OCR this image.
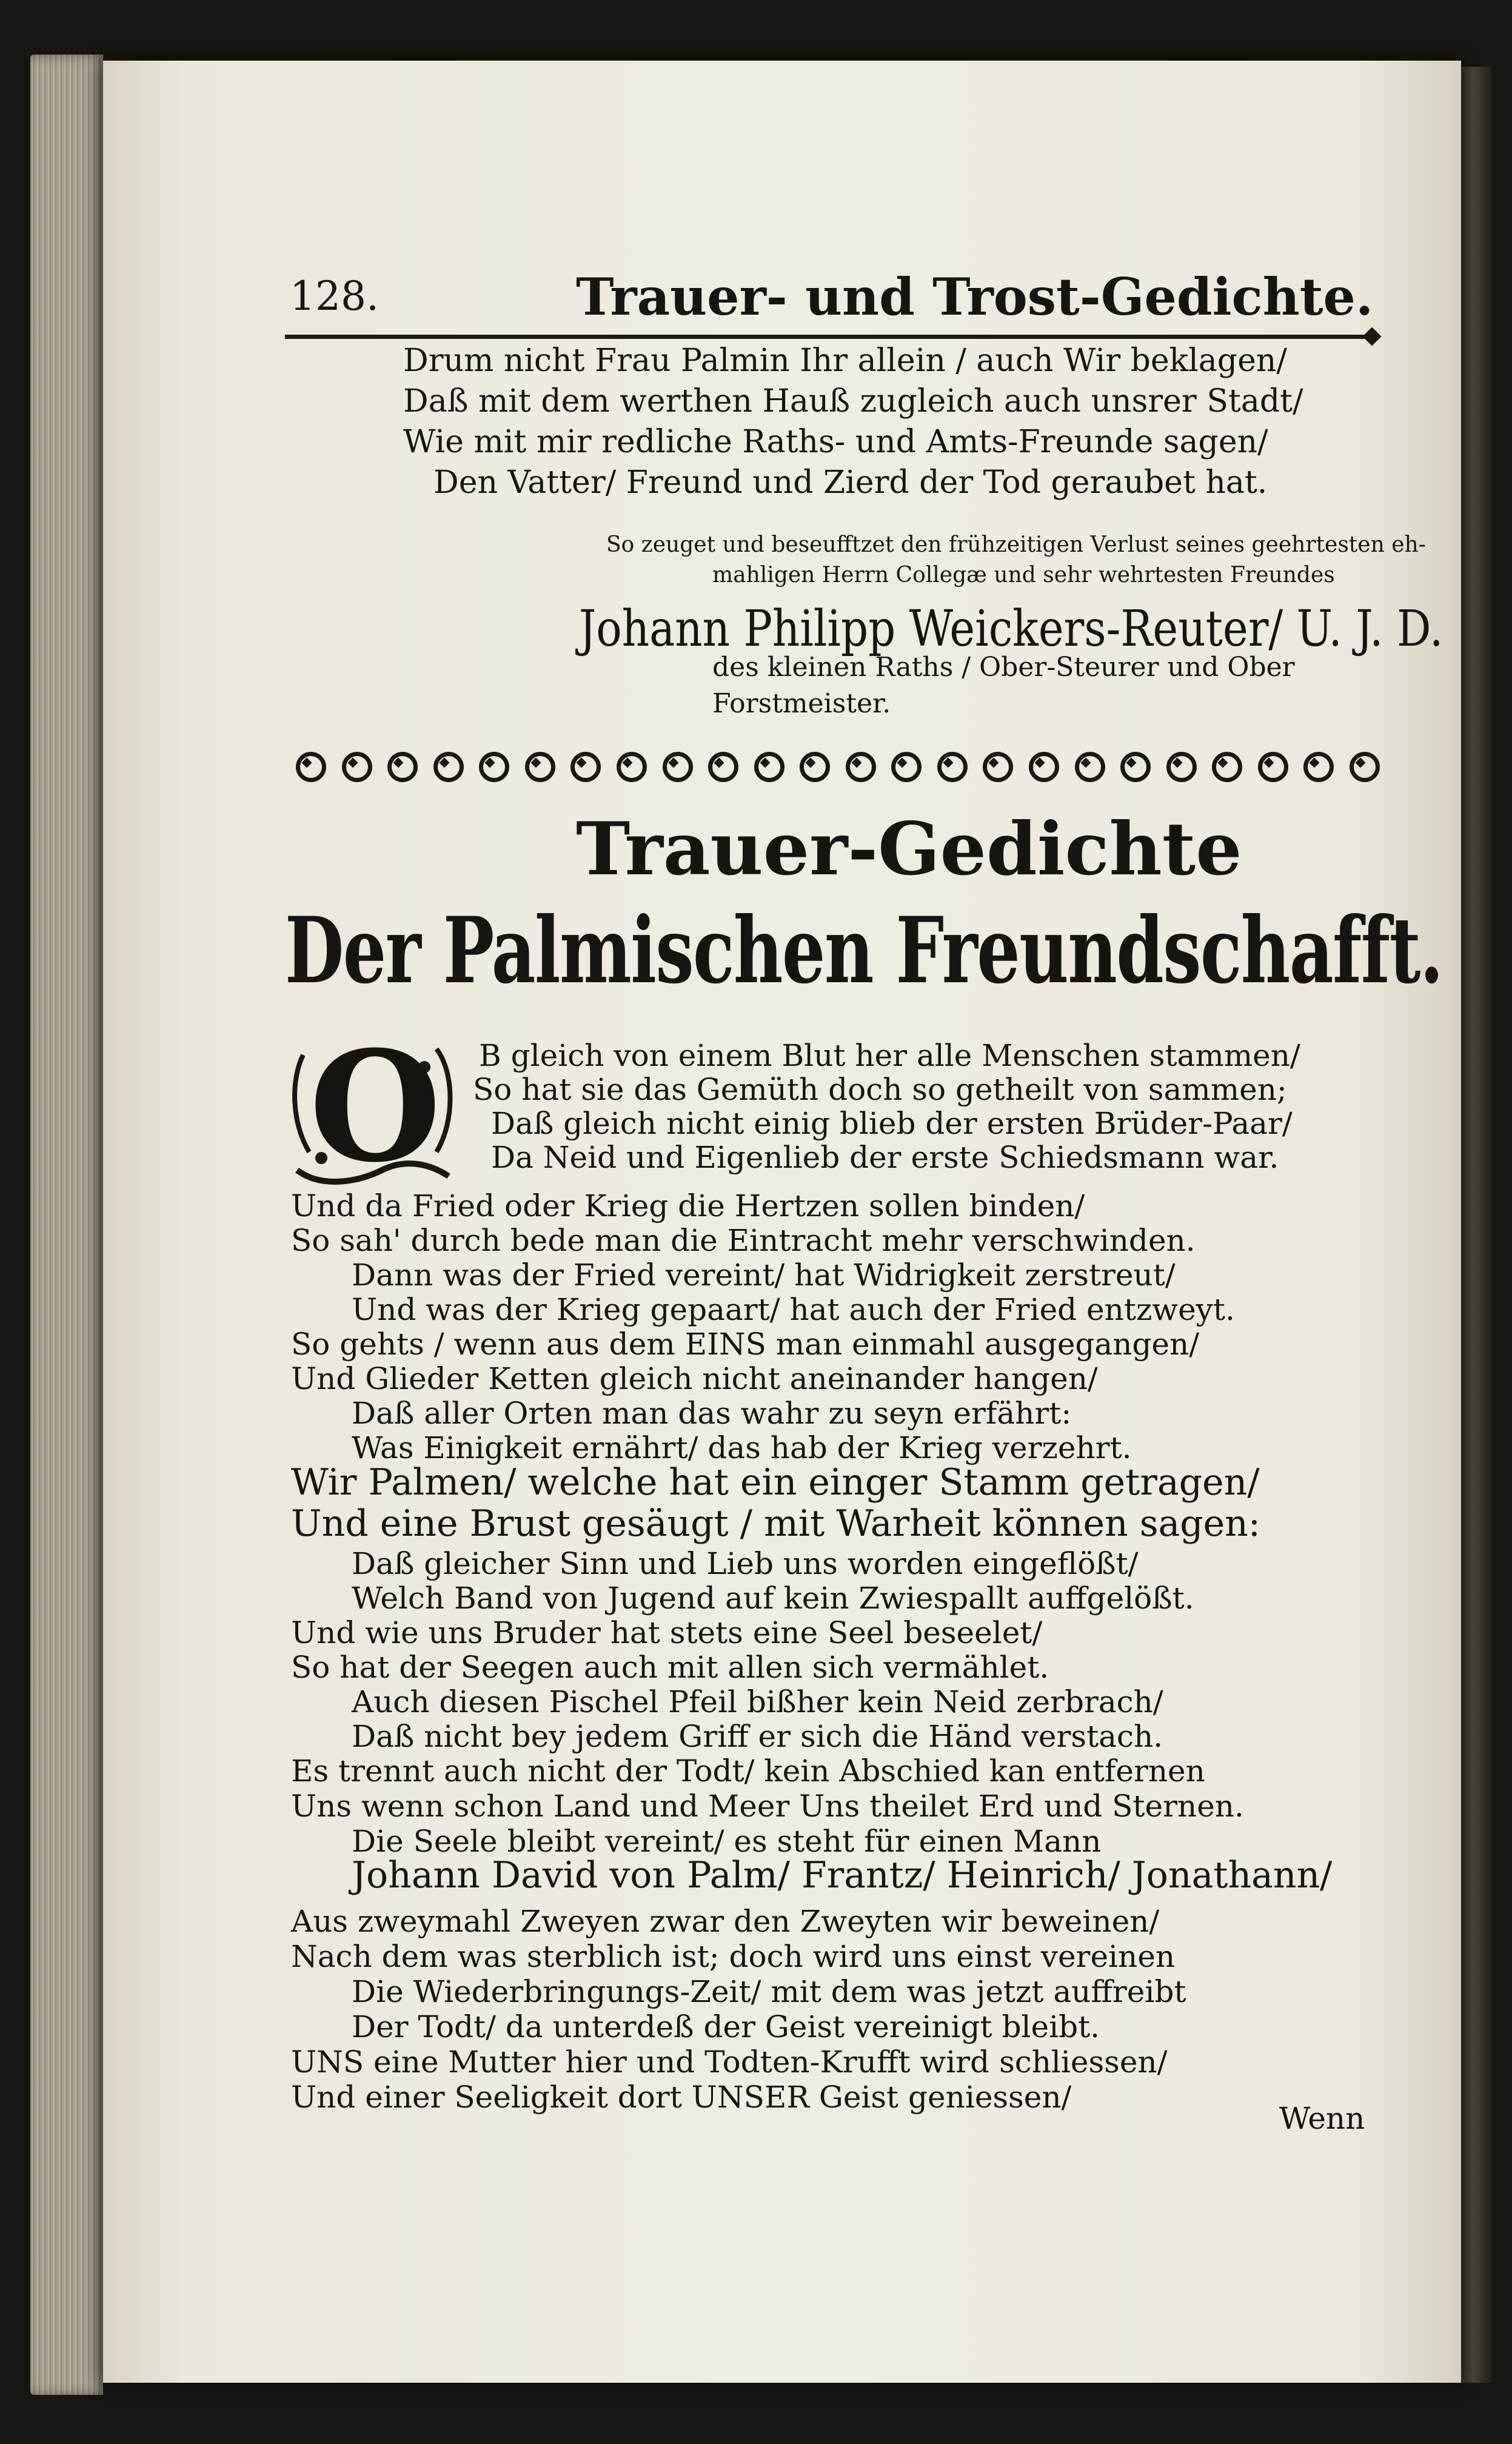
128.	Trauer- und Trost-Gedichte.
Drum nicht Frau Palmin Ihr allein / auch Wir beklagen/
Daß mit dem werthen Hauß zugleich auch unsrer Stadt/
Wie mit mir redliche Raths- und Amts-Freunde sagen/
Den Vatter/ Freund und Zierd der Tod geraubet hat.
So zeuget und beseufftzet den frühzeitigen Verlust seines geehrtesten eh-
mahligen Herrn Collegæ und sehr wehrtesten Freundes
Johann Philipp Weickers-Reuter/ U. J. D.
des kleinen Raths / Ober-Steurer und Ober
Forstmeister.
Trauer-Gedichte
Der Palmischen Freundschafft.
O B gleich von einem Blut her alle Menschen stammen/
So hat sie das Gemüth doch so getheilt von sammen;
Daß gleich nicht einig blieb der ersten Brüder-Paar/
Da Neid und Eigenlieb der erste Schiedsmann war.
Und da Fried oder Krieg die Hertzen sollen binden/
So sah' durch bede man die Eintracht mehr verschwinden.
Dann was der Fried vereint/ hat Widrigkeit zerstreut/
Und was der Krieg gepaart/ hat auch der Fried entzweyt.
So gehts / wenn aus dem EINS man einmahl ausgegangen/
Und Glieder Ketten gleich nicht aneinander hangen/
Daß aller Orten man das wahr zu seyn erfährt:
Was Einigkeit ernährt/ das hab der Krieg verzehrt.
Wir Palmen/ welche hat ein einger Stamm getragen/
Und eine Brust gesäugt / mit Warheit können sagen:
Daß gleicher Sinn und Lieb uns worden eingeflößt/
Welch Band von Jugend auf kein Zwiespallt auffgelößt.
Und wie uns Bruder hat stets eine Seel beseelet/
So hat der Seegen auch mit allen sich vermählet.
Auch diesen Pischel Pfeil bißher kein Neid zerbrach/
Daß nicht bey jedem Griff er sich die Händ verstach.
Es trennt auch nicht der Todt/ kein Abschied kan entfernen
Uns wenn schon Land und Meer Uns theilet Erd und Sternen.
Die Seele bleibt vereint/ es steht für einen Mann
Johann David von Palm/ Frantz/ Heinrich/ Jonathann/
Aus zweymahl Zweyen zwar den Zweyten wir beweinen/
Nach dem was sterblich ist; doch wird uns einst vereinen
Die Wiederbringungs-Zeit/ mit dem was jetzt auffreibt
Der Todt/ da unterdeß der Geist vereinigt bleibt.
UNS eine Mutter hier und Todten-Krufft wird schliessen/
Und einer Seeligkeit dort UNSER Geist geniessen/
Wenn
